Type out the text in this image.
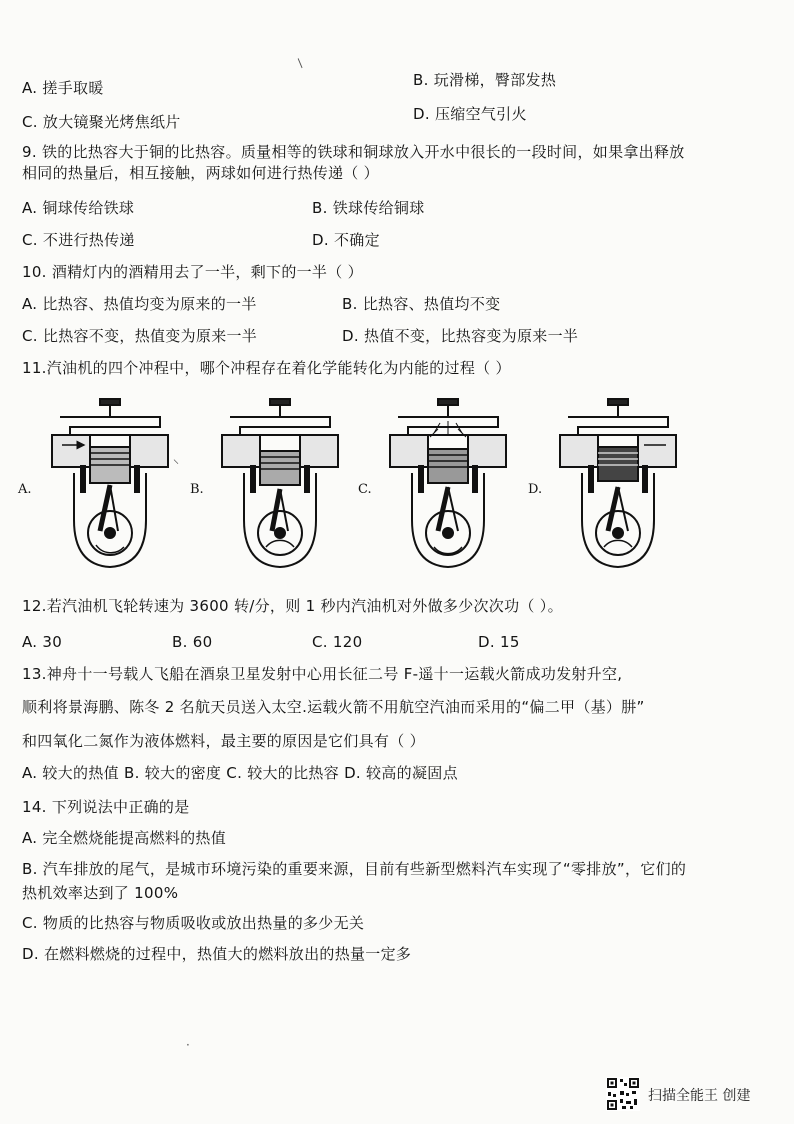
A. 搓手取暖	B. 玩滑梯，臀部发热
C. 放大镜聚光烤焦纸片	D. 压缩空气引火
9. 铁的比热容大于铜的比热容。质量相等的铁球和铜球放入开水中很长的一段时间，如果拿出释放
相同的热量后，相互接触，两球如何进行热传递（ ）
A. 铜球传给铁球	B. 铁球传给铜球
C. 不进行热传递	D. 不确定
10. 酒精灯内的酒精用去了一半，剩下的一半（ ）
A. 比热容、热值均变为原来的一半	B. 比热容、热值均不变
C. 比热容不变，热值变为原来一半	D. 热值不变，比热容变为原来一半
11.汽油机的四个冲程中，哪个冲程存在着化学能转化为内能的过程（ ）
A.	B.	C.	D.
⸌
12.若汽油机飞轮转速为 3600 转/分，则 1 秒内汽油机对外做多少次次功（ ）。
A. 30	B. 60	C. 120	D. 15
13.神舟十一号载人飞船在酒泉卫星发射中心用长征二号 F-遥十一运载火箭成功发射升空,
顺利将景海鹏、陈冬 2 名航天员送入太空.运载火箭不用航空汽油而采用的“偏二甲（基）肼”
和四氧化二氮作为液体燃料，最主要的原因是它们具有（ ）
A. 较大的热值 B. 较大的密度 C. 较大的比热容 D. 较高的凝固点
14. 下列说法中正确的是
A. 完全燃烧能提高燃料的热值
B. 汽车排放的尾气，是城市环境污染的重要来源，目前有些新型燃料汽车实现了“零排放”，它们的
热机效率达到了 100%
C. 物质的比热容与物质吸收或放出热量的多少无关
D. 在燃料燃烧的过程中，热值大的燃料放出的热量一定多
扫描全能王 创建
/
·
